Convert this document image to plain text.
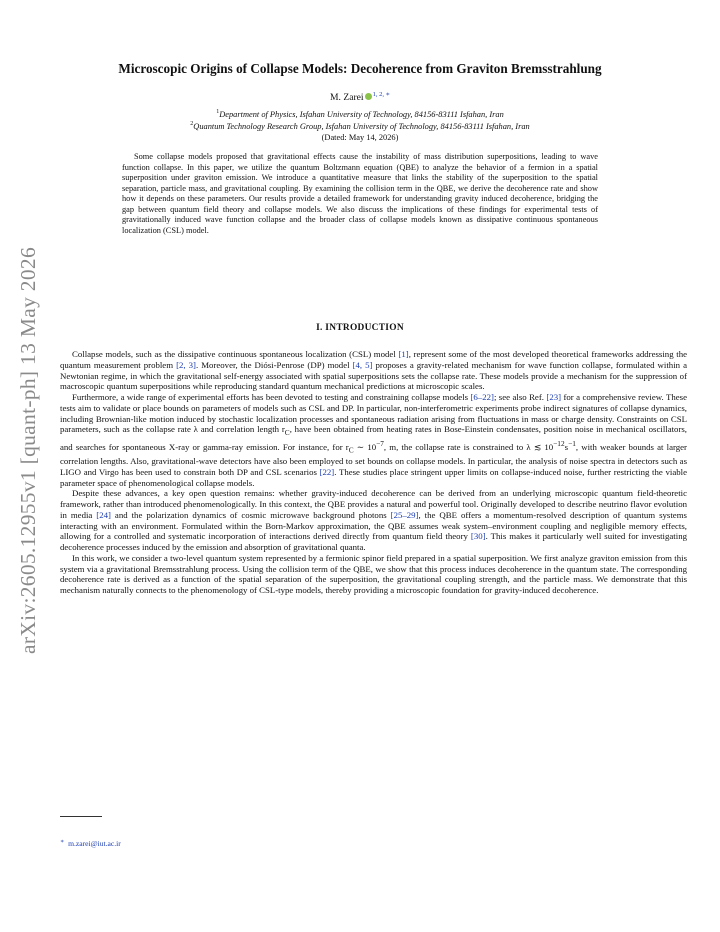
arXiv:2605.12955v1 [quant-ph] 13 May 2026
Microscopic Origins of Collapse Models: Decoherence from Graviton Bremsstrahlung
M. Zarei $^{1, 2, ∗}$
$^1$Department of Physics, Isfahan University of Technology, 84156-83111 Isfahan, Iran
$^2$Quantum Technology Research Group, Isfahan University of Technology, 84156-83111 Isfahan, Iran
(Dated: May 14, 2026)

Some collapse models proposed that gravitational effects cause the instability of mass distribution superpositions, leading to wave function collapse. In this paper, we utilize the quantum Boltzmann equation (QBE) to analyze the behavior of a fermion in a spatial superposition under graviton emission. We introduce a quantitative measure that links the stability of the superposition to the spatial separation, particle mass, and gravitational coupling. By examining the collision term in the QBE, we derive the decoherence rate and show how it depends on these parameters. Our results provide a detailed framework for understanding gravity induced decoherence, bridging the gap between quantum field theory and collapse models. We also discuss the implications of these findings for experimental tests of gravitationally induced wave function collapse and the broader class of collapse models known as dissipative continuous spontaneous localization (CSL) model.

I. INTRODUCTION

Collapse models, such as the dissipative continuous spontaneous localization (CSL) model [1], represent some of the most developed theoretical frameworks addressing the quantum measurement problem [2, 3]. Moreover, the Diósi-Penrose (DP) model [4, 5] proposes a gravity-related mechanism for wave function collapse, formulated within a Newtonian regime, in which the gravitational self-energy associated with spatial superpositions sets the collapse rate. These models provide a mechanism for the suppression of macroscopic quantum superpositions while reproducing standard quantum mechanical predictions at microscopic scales.

Furthermore, a wide range of experimental efforts has been devoted to testing and constraining collapse models [6–22]; see also Ref. [23] for a comprehensive review. These tests aim to validate or place bounds on parameters of models such as CSL and DP. In particular, non-interferometric experiments probe indirect signatures of collapse dynamics, including Brownian-like motion induced by stochastic localization processes and spontaneous radiation arising from fluctuations in mass or charge density. Constraints on CSL parameters, such as the collapse rate λ and correlation length $r_C$, have been obtained from heating rates in Bose-Einstein condensates, position noise in mechanical oscillators, and searches for spontaneous X-ray or gamma-ray emission. For instance, for $r_C$ ∼ $10^{-7}$, m, the collapse rate is constrained to λ ≲ $10^{-12}s^{-1}$, with weaker bounds at larger correlation lengths. Also, gravitational-wave detectors have also been employed to set bounds on collapse models. In particular, the analysis of noise spectra in detectors such as LIGO and Virgo has been used to constrain both DP and CSL scenarios [22]. These studies place stringent upper limits on collapse-induced noise, further restricting the viable parameter space of phenomenological collapse models.

Despite these advances, a key open question remains: whether gravity-induced decoherence can be derived from an underlying microscopic quantum field-theoretic framework, rather than introduced phenomenologically. In this context, the QBE provides a natural and powerful tool. Originally developed to describe neutrino flavor evolution in media [24] and the polarization dynamics of cosmic microwave background photons [25–29], the QBE offers a momentum-resolved description of quantum systems interacting with an environment. Formulated within the Born-Markov approximation, the QBE assumes weak system–environment coupling and negligible memory effects, allowing for a controlled and systematic incorporation of interactions derived directly from quantum field theory [30]. This makes it particularly well suited for investigating decoherence processes induced by the emission and absorption of gravitational quanta.

In this work, we consider a two-level quantum system represented by a fermionic spinor field prepared in a spatial superposition. We first analyze graviton emission from this system via a gravitational Bremsstrahlung process. Using the collision term of the QBE, we show that this process induces decoherence in the quantum state. The corresponding decoherence rate is derived as a function of the spatial separation of the superposition, the gravitational coupling strength, and the particle mass. We demonstrate that this mechanism naturally connects to the phenomenology of CSL-type models, thereby providing a microscopic foundation for gravity-induced decoherence.

∗ m.zarei@iut.ac.ir
